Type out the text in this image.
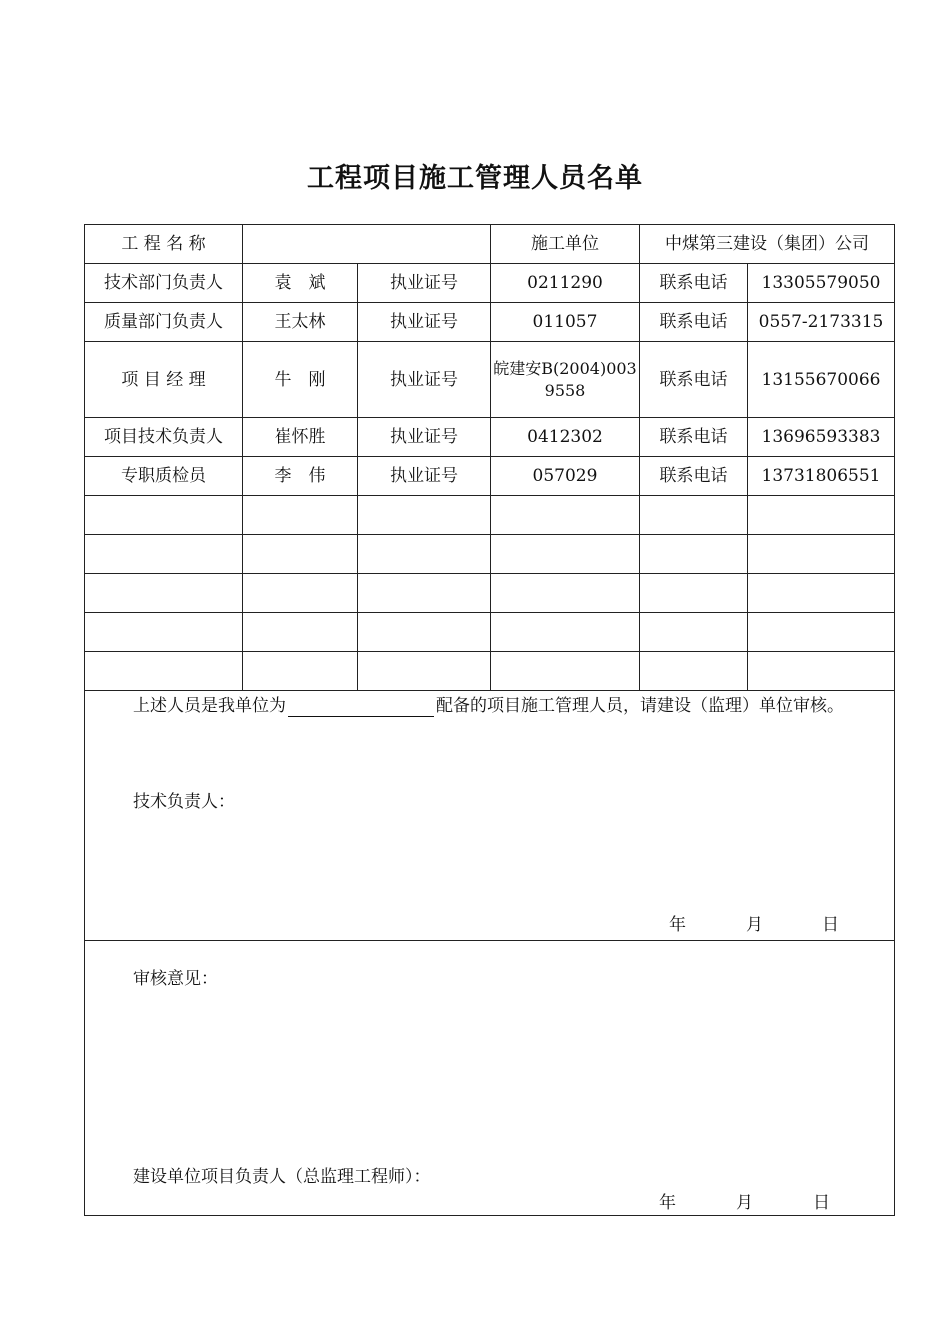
工程项目施工管理人员名单
工 程 名 称			施工单位	中煤第三建设（集团）公司	
技术部门负责人	袁　斌	执业证号	0211290	联系电话	13305579050
质量部门负责人	王太林	执业证号	011057	联系电话	0557-2173315
项 目 经 理	牛　刚	执业证号	皖建安B(2004)0039558	联系电话	13155670066
项目技术负责人	崔怀胜	执业证号	0412302	联系电话	13696593383
专职质检员	李　伟	执业证号	057029	联系电话	13731806551

上述人员是我单位为 配备的项目施工管理人员，请建设（监理）单位审核。
技术负责人：
年 月 日					

审核意见：
建设单位项目负责人（总监理工程师）：
年 月 日					
